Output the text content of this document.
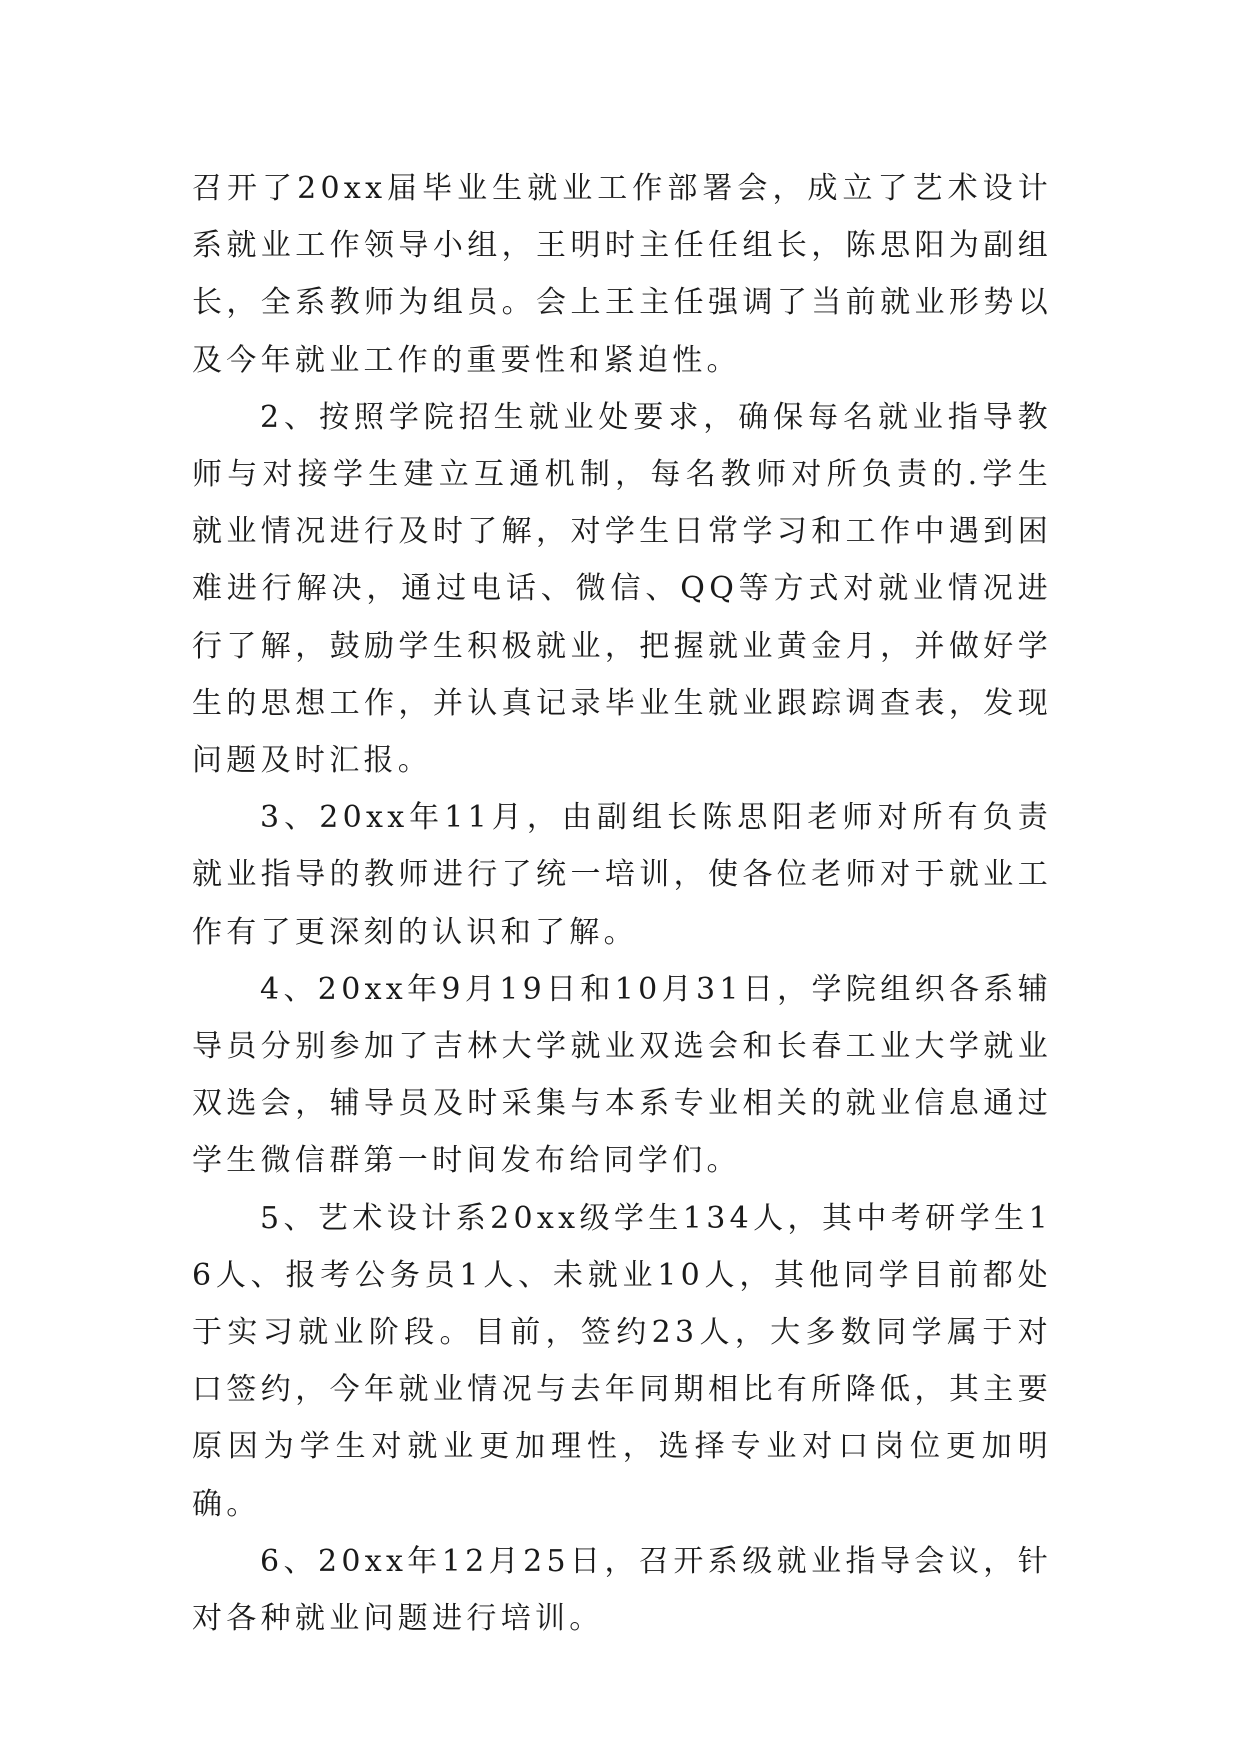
召开了20xx届毕业生就业工作部署会，成立了艺术设计系就业工作领导小组，王明时主任任组长，陈思阳为副组长，全系教师为组员。会上王主任强调了当前就业形势以及今年就业工作的重要性和紧迫性。

2、按照学院招生就业处要求，确保每名就业指导教师与对接学生建立互通机制，每名教师对所负责的.学生就业情况进行及时了解，对学生日常学习和工作中遇到困难进行解决，通过电话、微信、QQ等方式对就业情况进行了解，鼓励学生积极就业，把握就业黄金月，并做好学生的思想工作，并认真记录毕业生就业跟踪调查表，发现问题及时汇报。

3、20xx年11月，由副组长陈思阳老师对所有负责就业指导的教师进行了统一培训，使各位老师对于就业工作有了更深刻的认识和了解。

4、20xx年9月19日和10月31日，学院组织各系辅导员分别参加了吉林大学就业双选会和长春工业大学就业双选会，辅导员及时采集与本系专业相关的就业信息通过学生微信群第一时间发布给同学们。

5、艺术设计系20xx级学生134人，其中考研学生16人、报考公务员1人、未就业10人，其他同学目前都处于实习就业阶段。目前，签约23人，大多数同学属于对口签约，今年就业情况与去年同期相比有所降低，其主要原因为学生对就业更加理性，选择专业对口岗位更加明确。

6、20xx年12月25日，召开系级就业指导会议，针对各种就业问题进行培训。
